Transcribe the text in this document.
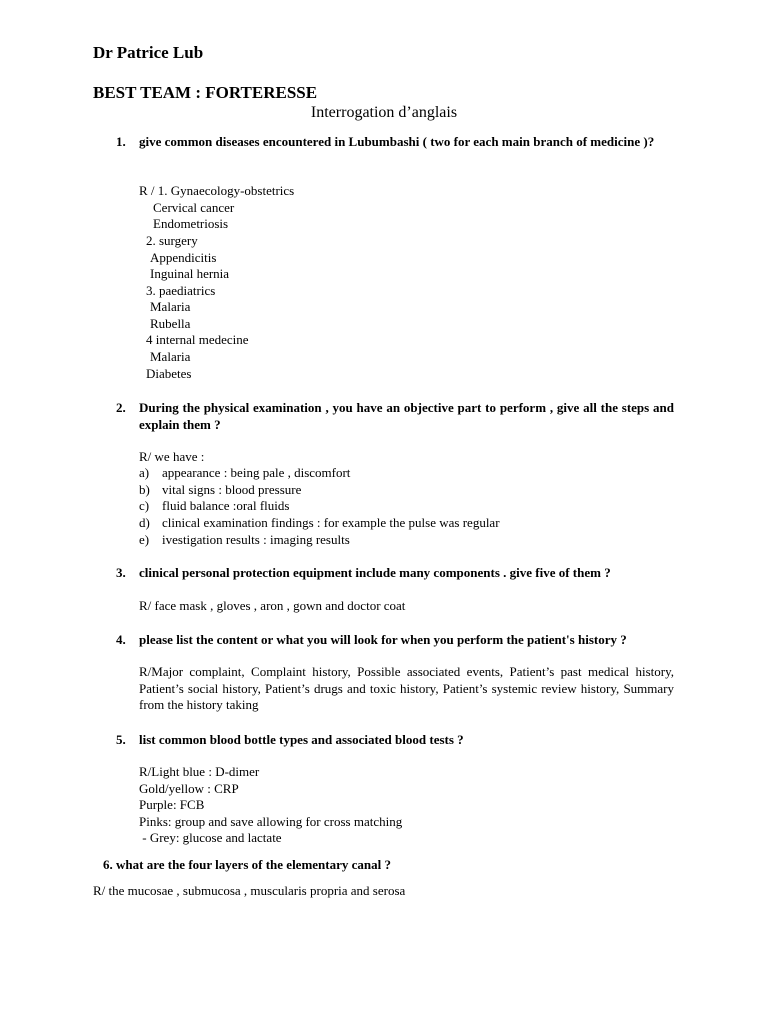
Dr Patrice Lub
BEST TEAM : FORTERESSE
Interrogation d’anglais
1. give common diseases encountered in Lubumbashi ( two for each main branch of medicine )?
R / 1. Gynaecology-obstetrics
Cervical cancer
Endometriosis
2. surgery
Appendicitis
Inguinal hernia
3. paediatrics
Malaria
Rubella
4 internal medecine
Malaria
Diabetes
2. During the physical examination , you have an objective part to perform , give all the steps and explain them ?
R/ we have :
a) appearance : being pale , discomfort
b) vital signs : blood pressure
c) fluid balance :oral fluids
d) clinical examination findings : for example the pulse was regular
e) ivestigation results : imaging results
3. clinical personal protection equipment include many components . give five of them ?
R/ face mask , gloves , aron , gown and doctor coat
4. please list the content or what you will look for when you perform the patient's history ?
R/Major complaint, Complaint history, Possible associated events, Patient’s past medical history, Patient’s social history, Patient’s drugs and toxic history, Patient’s systemic review history, Summary from the history taking
5. list common blood bottle types and associated blood tests ?
R/Light blue : D-dimer
Gold/yellow : CRP
Purple: FCB
Pinks: group and save allowing for cross matching
- Grey: glucose and lactate
6. what are the four layers of the elementary canal ?
R/ the mucosae , submucosa , muscularis propria and serosa
